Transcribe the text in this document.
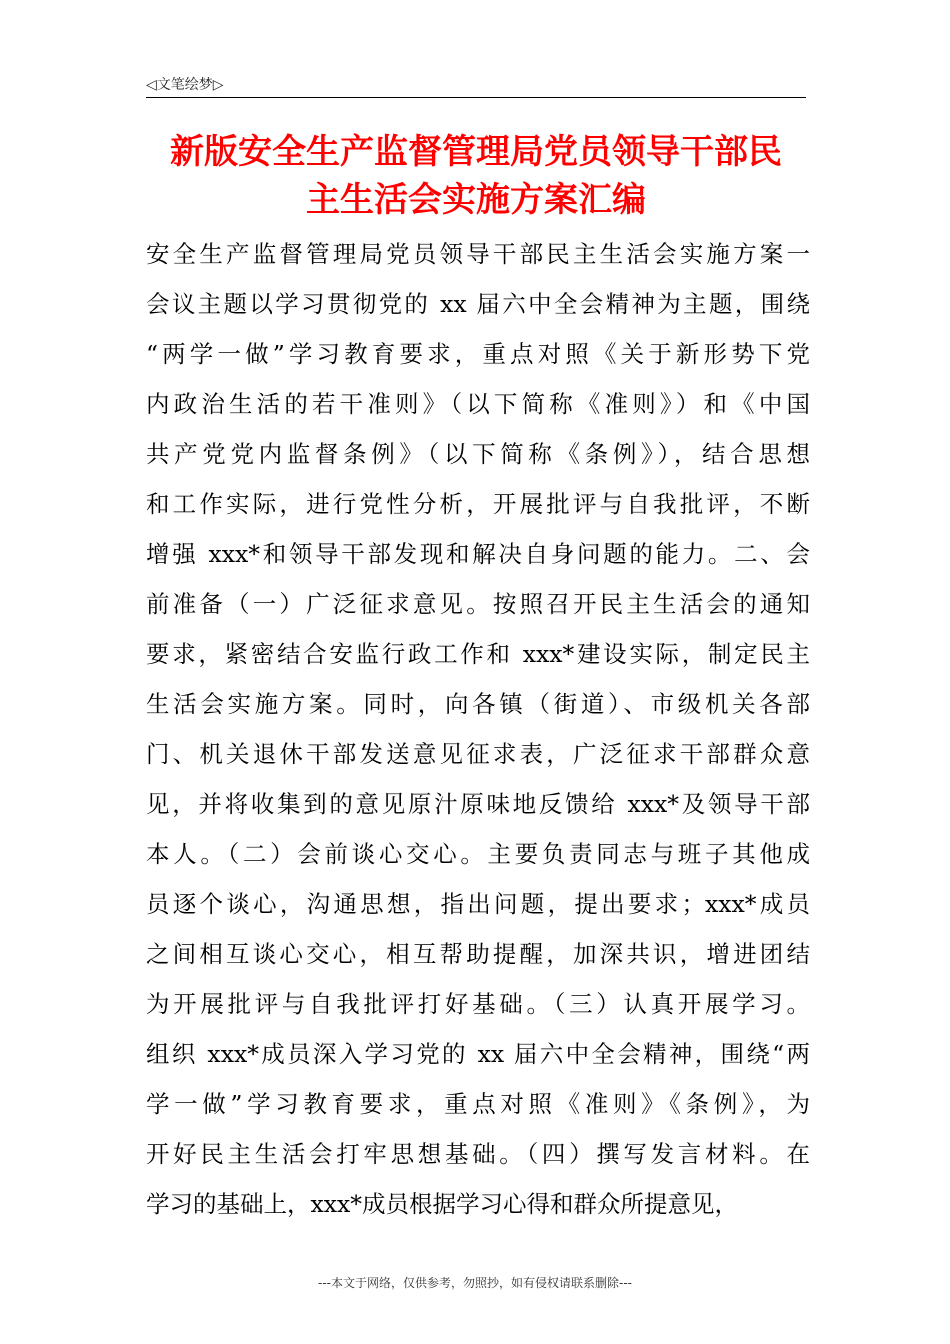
◁文笔绘梦▷
新版安全生产监督管理局党员领导干部民
主生活会实施方案汇编
安全生产监督管理局党员领导干部民主生活会实施方案一
会议主题以学习贯彻党的 xx 届六中全会精神为主题，围绕
“两学一做”学习教育要求，重点对照《关于新形势下党
内政治生活的若干准则》（以下简称《准则》）和《中国
共产党党内监督条例》（以下简称《条例》），结合思想
和工作实际，进行党性分析，开展批评与自我批评，不断
增强 xxx*和领导干部发现和解决自身问题的能力。二、会
前准备（一）广泛征求意见。按照召开民主生活会的通知
要求，紧密结合安监行政工作和 xxx*建设实际，制定民主
生活会实施方案。同时，向各镇（街道）、市级机关各部
门、机关退休干部发送意见征求表，广泛征求干部群众意
见，并将收集到的意见原汁原味地反馈给 xxx*及领导干部
本人。（二）会前谈心交心。主要负责同志与班子其他成
员逐个谈心，沟通思想，指出问题，提出要求；xxx*成员
之间相互谈心交心，相互帮助提醒，加深共识，增进团结
为开展批评与自我批评打好基础。（三）认真开展学习。
组织 xxx*成员深入学习党的 xx 届六中全会精神，围绕“两
学一做”学习教育要求，重点对照《准则》《条例》，为
开好民主生活会打牢思想基础。（四）撰写发言材料。在
学习的基础上，xxx*成员根据学习心得和群众所提意见，
---本文于网络，仅供参考，勿照抄，如有侵权请联系删除---
